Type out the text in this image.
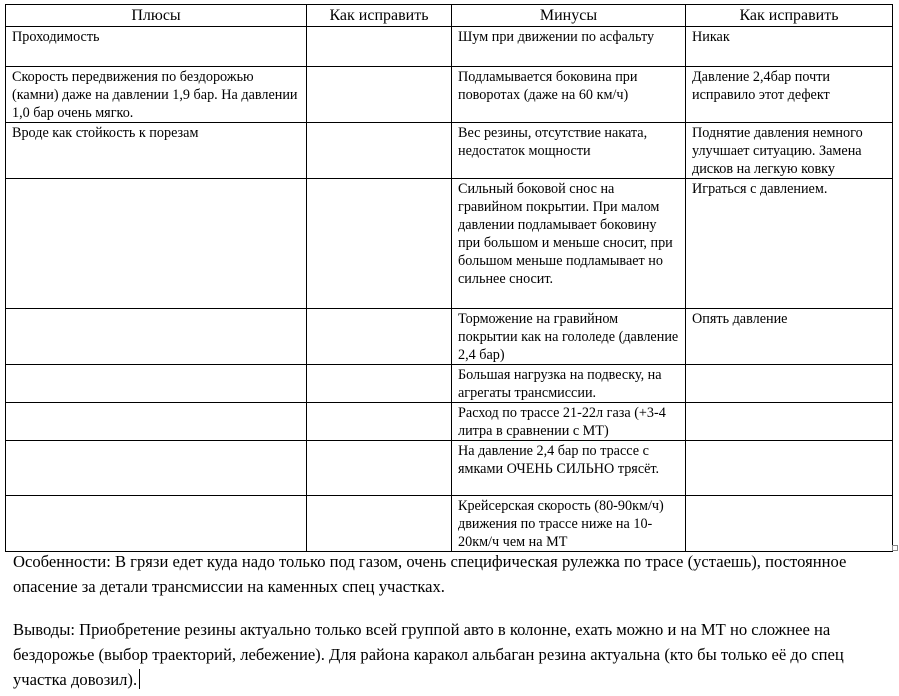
Плюсы	Как исправить	Минусы	Как исправить
Проходимость		Шум при движении по асфальту	Никак
Скорость передвижения по бездорожью (камни) даже на давлении 1,9 бар. На давлении 1,0 бар очень мягко.		Подламывается боковина при поворотах (даже на 60 км/ч)	Давление 2,4бар почти исправило этот дефект
Вроде как стойкость к порезам		Вес резины, отсутствие наката, недостаток мощности	Поднятие давления немного улучшает ситуацию. Замена дисков на легкую ковку
		Сильный боковой снос на гравийном покрытии. При малом давлении подламывает боковину при большом и меньше сносит, при большом меньше подламывает но сильнее сносит.	Играться с давлением.
		Торможение на гравийном покрытии как на гололеде (давление 2,4 бар)	Опять давление
		Большая нагрузка на подвеску, на агрегаты трансмиссии.	
		Расход по трассе 21-22л газа (+3-4 литра в сравнении с МТ)	
		На давление 2,4 бар по трассе с ямками ОЧЕНЬ СИЛЬНО трясёт.	
		Крейсерская скорость (80-90км/ч) движения по трассе ниже на 10-20км/ч чем на МТ	

Особенности: В грязи едет куда надо только под газом, очень специфическая рулежка по трасе (устаешь), постоянное опасение за детали трансмиссии на каменных спец участках.

Выводы: Приобретение резины актуально только всей группой авто в колонне, ехать можно и на МТ но сложнее на бездорожье (выбор траекторий, лебежение). Для района каракол альбаган резина актуальна (кто бы только её до спец участка довозил).
